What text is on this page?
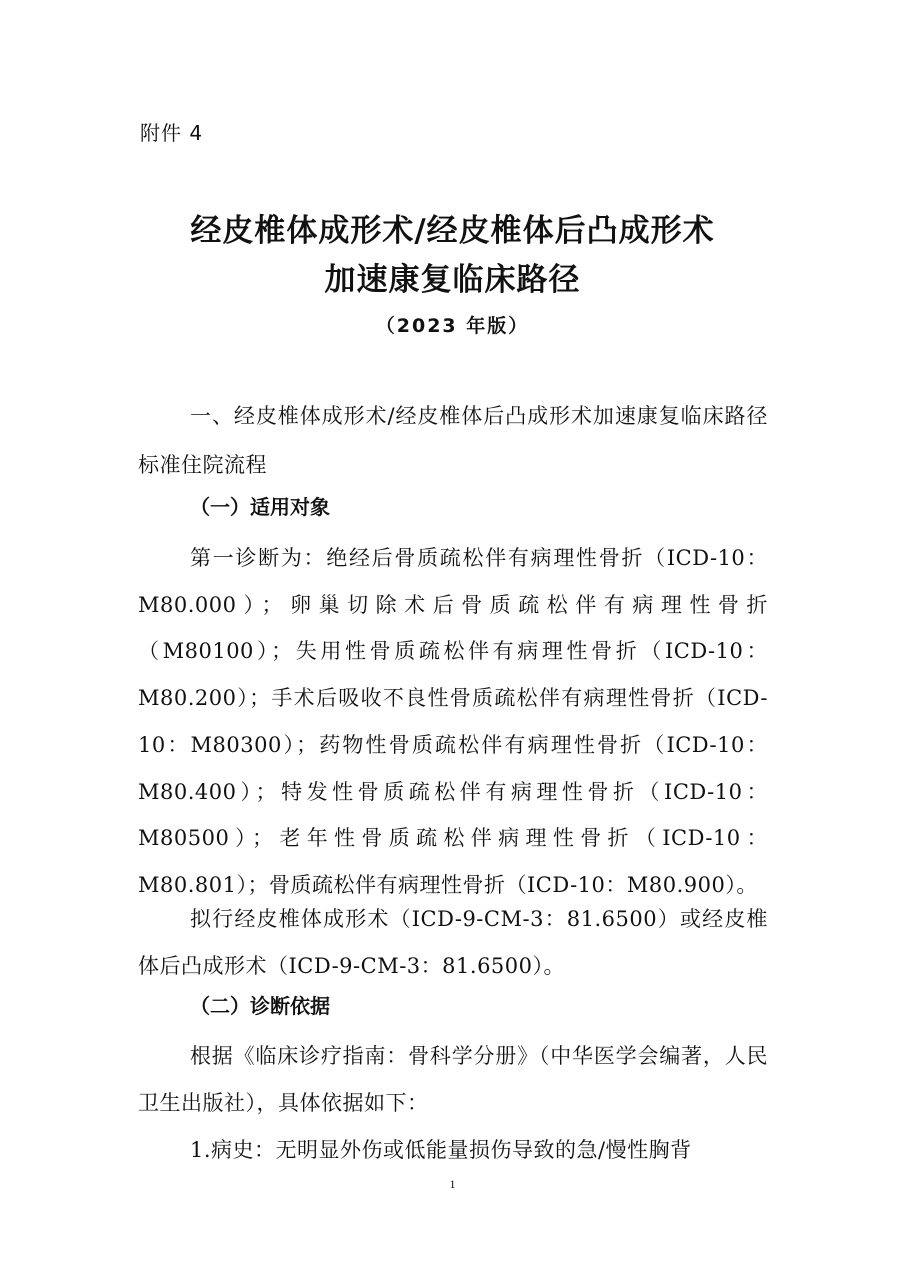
附件 4
经皮椎体成形术/经皮椎体后凸成形术
加速康复临床路径
（2023 年版）
一、经皮椎体成形术/经皮椎体后凸成形术加速康复临床路径标准住院流程
（一）适用对象

第一诊断为：绝经后骨质疏松伴有病理性骨折（ICD-10：M80.000）；卵巢切除术后骨质疏松伴有病理性骨折（M80100）；失用性骨质疏松伴有病理性骨折（ICD-10：M80.200）；手术后吸收不良性骨质疏松伴有病理性骨折（ICD-10：M80300）；药物性骨质疏松伴有病理性骨折（ICD-10：M80.400）；特发性骨质疏松伴有病理性骨折（ICD-10：M80500）；老年性骨质疏松伴病理性骨折（ICD-10：M80.801）；骨质疏松伴有病理性骨折（ICD-10：M80.900）。

拟行经皮椎体成形术（ICD-9-CM-3：81.6500）或经皮椎体后凸成形术（ICD-9-CM-3：81.6500）。

（二）诊断依据

根据《临床诊疗指南：骨科学分册》（中华医学会编著，人民卫生出版社），具体依据如下：

1.病史：无明显外伤或低能量损伤导致的急/慢性胸背

1
